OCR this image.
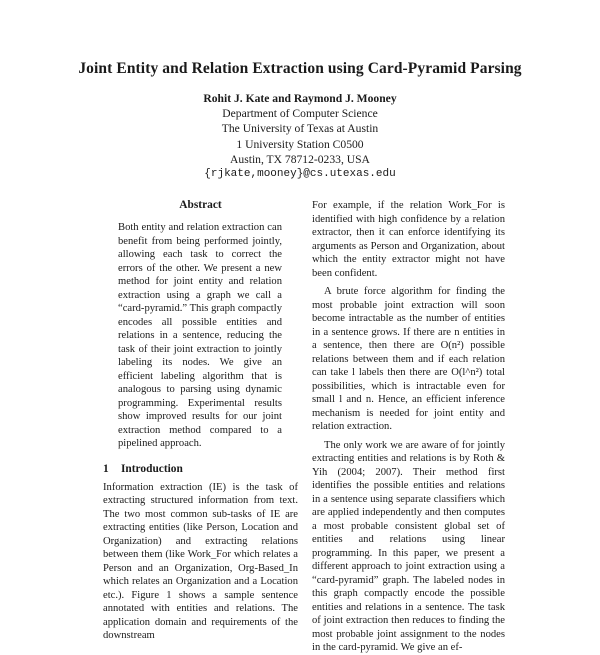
Joint Entity and Relation Extraction using Card-Pyramid Parsing
Rohit J. Kate and Raymond J. Mooney
Department of Computer Science
The University of Texas at Austin
1 University Station C0500
Austin, TX 78712-0233, USA
{rjkate,mooney}@cs.utexas.edu
Abstract

Both entity and relation extraction can benefit from being performed jointly, allowing each task to correct the errors of the other. We present a new method for joint entity and relation extraction using a graph we call a “card-pyramid.” This graph compactly encodes all possible entities and relations in a sentence, reducing the task of their joint extraction to jointly labeling its nodes. We give an efficient labeling algorithm that is analogous to parsing using dynamic programming. Experimental results show improved results for our joint extraction method compared to a pipelined approach.

1 Introduction

Information extraction (IE) is the task of extracting structured information from text. The two most common sub-tasks of IE are extracting entities (like Person, Location and Organization) and extracting relations between them (like Work_For which relates a Person and an Organization, Org-Based_In which relates an Organization and a Location etc.). Figure 1 shows a sample sentence annotated with entities and relations. The application domain and requirements of the downstream

For example, if the relation Work_For is identified with high confidence by a relation extractor, then it can enforce identifying its arguments as Person and Organization, about which the entity extractor might not have been confident.

A brute force algorithm for finding the most probable joint extraction will soon become intractable as the number of entities in a sentence grows. If there are n entities in a sentence, then there are O(n²) possible relations between them and if each relation can take l labels then there are O(l^n²) total possibilities, which is intractable even for small l and n. Hence, an efficient inference mechanism is needed for joint entity and relation extraction.

The only work we are aware of for jointly extracting entities and relations is by Roth & Yih (2004; 2007). Their method first identifies the possible entities and relations in a sentence using separate classifiers which are applied independently and then computes a most probable consistent global set of entities and relations using linear programming. In this paper, we present a different approach to joint extraction using a “card-pyramid” graph. The labeled nodes in this graph compactly encode the possible entities and relations in a sentence. The task of joint extraction then reduces to finding the most probable joint assignment to the nodes in the card-pyramid. We give an ef-
